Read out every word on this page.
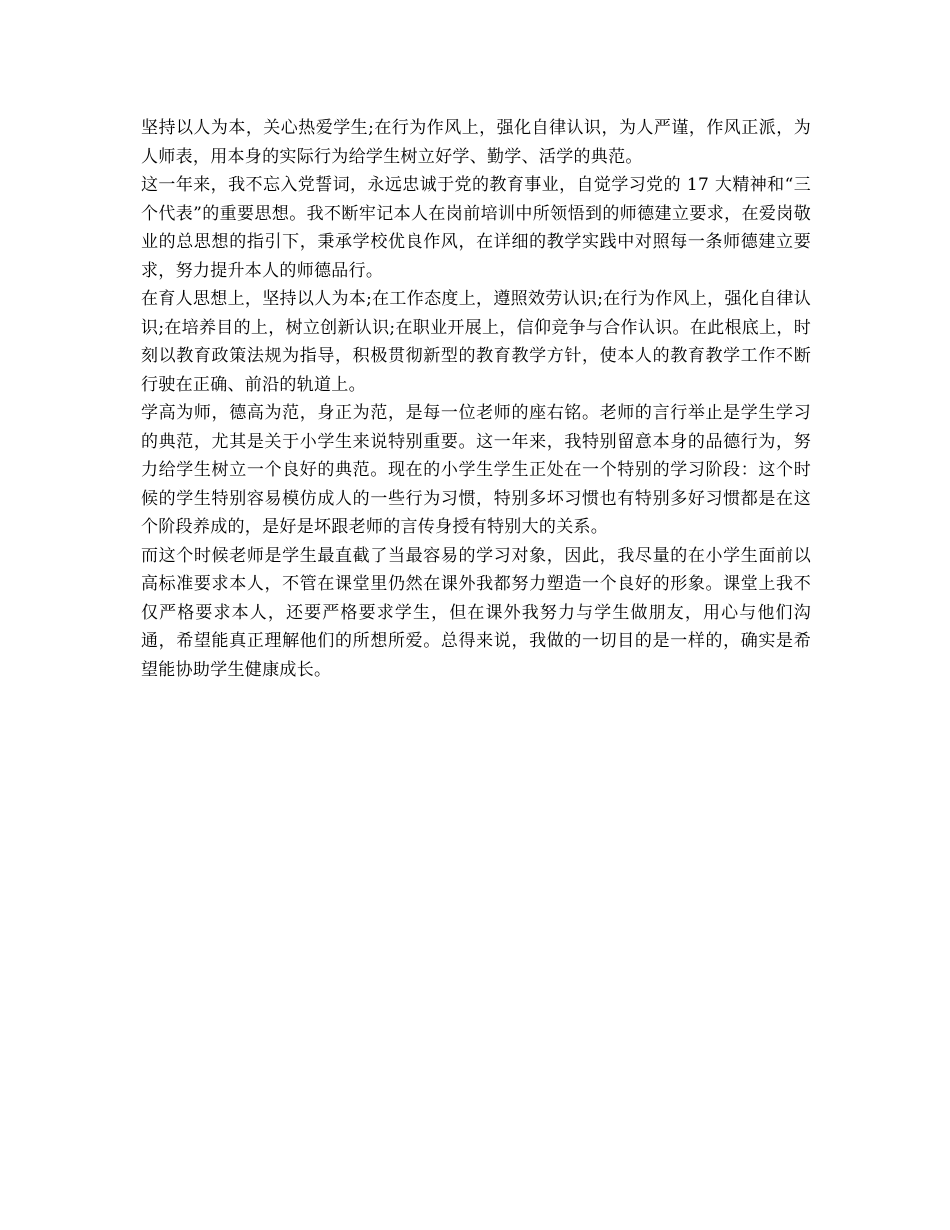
坚持以人为本，关心热爱学生;在行为作风上，强化自律认识，为人严谨，作风正派，为人师表，用本身的实际行为给学生树立好学、勤学、活学的典范。

这一年来，我不忘入党誓词，永远忠诚于党的教育事业，自觉学习党的 17 大精神和“三个代表”的重要思想。我不断牢记本人在岗前培训中所领悟到的师德建立要求，在爱岗敬业的总思想的指引下，秉承学校优良作风，在详细的教学实践中对照每一条师德建立要求，努力提升本人的师德品行。

在育人思想上，坚持以人为本;在工作态度上，遵照效劳认识;在行为作风上，强化自律认识;在培养目的上，树立创新认识;在职业开展上，信仰竞争与合作认识。在此根底上，时刻以教育政策法规为指导，积极贯彻新型的教育教学方针，使本人的教育教学工作不断行驶在正确、前沿的轨道上。

学高为师，德高为范，身正为范，是每一位老师的座右铭。老师的言行举止是学生学习的典范，尤其是关于小学生来说特别重要。这一年来，我特别留意本身的品德行为，努力给学生树立一个良好的典范。现在的小学生学生正处在一个特别的学习阶段：这个时候的学生特别容易模仿成人的一些行为习惯，特别多坏习惯也有特别多好习惯都是在这个阶段养成的，是好是坏跟老师的言传身授有特别大的关系。

而这个时候老师是学生最直截了当最容易的学习对象，因此，我尽量的在小学生面前以高标准要求本人，不管在课堂里仍然在课外我都努力塑造一个良好的形象。课堂上我不仅严格要求本人，还要严格要求学生，但在课外我努力与学生做朋友，用心与他们沟通，希望能真正理解他们的所想所爱。总得来说，我做的一切目的是一样的，确实是希望能协助学生健康成长。
